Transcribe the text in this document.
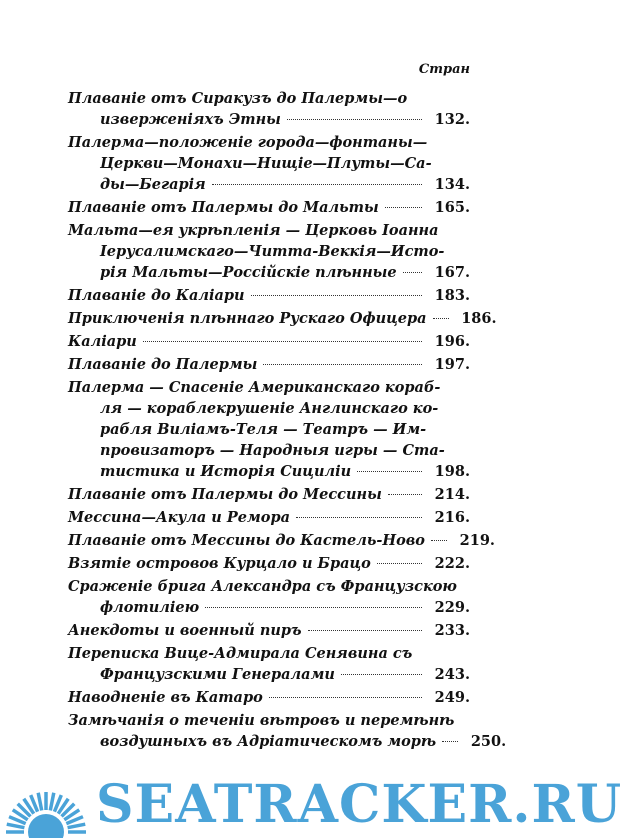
Стран
Плаваніе отъ Сиракузъ до Палермы—о
изверженіяхъ Этны	132.
Палерма—положеніе города—фонтаны—
Церкви—Монахи—Нищіе—Плуты—Са-
ды—Бегарія	134.
Плаваніе отъ Палермы до Мальты	165.
Мальта—ея укрѣпленія — Церковь Іоанна
Іерусалимскаго—Читта-Веккія—Исто-
рія Мальты—Россійскіе плѣнные	167.
Плаваніе до Каліари	183.
Приключенія плѣннаго Рускаго Офицера	186.
Каліари	196.
Плаваніе до Палермы	197.
Палерма — Спасеніе Американскаго кораб-
ля — кораблекрушеніе Англинскаго ко-
рабля Виліамъ-Теля — Театръ — Им-
провизаторъ — Народныя игры — Ста-
тистика и Исторія Сициліи	198.
Плаваніе отъ Палермы до Мессины	214.
Мессина—Акула и Ремора	216.
Плаваніе отъ Мессины до Кастель-Ново	219.
Взятіе островов Курцало и Брацо	222.
Сраженіе брига Александра съ Французскою
флотиліею	229.
Анекдоты и военный пиръ	233.
Переписка Вице-Адмирала Сенявина съ
Французскими Генералами	243.
Наводненіе въ Катаро	249.
Замѣчанія о теченіи вѣтровъ и перемѣнѣ
воздушныхъ въ Адріатическомъ морѣ	250.
SEATRACKER.RU
